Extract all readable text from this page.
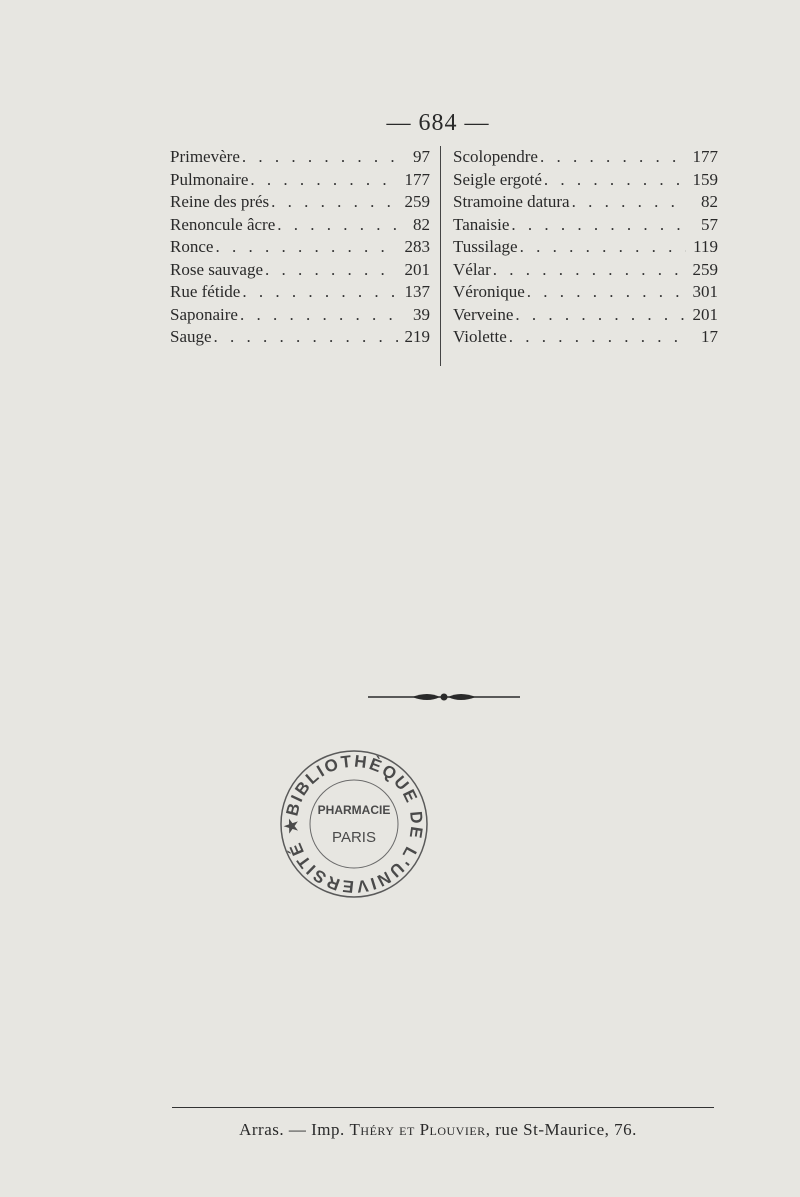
— 684 —
Primevère . . .	97
Pulmonaire . . .	177
Reine des prés . . .	259
Renoncule âcre . . .	82
Ronce . . .	283
Rose sauvage . . .	201
Rue fétide . . .	137
Saponaire . . .	39
Sauge . . .	219
Scolopendre . . .	177
Seigle ergoté . . .	159
Stramoine datura . . .	82
Tanaisie . . .	57
Tussilage . . .	119
Vélar . . .	259
Véronique . . .	301
Verveine . . .	201
Violette . . .	17
BIBLIOTHÈQUE DE L'UNIVERSITÉ ★
PHARMACIE
PARIS
Arras. — Imp. Théry et Plouvier, rue St-Maurice, 76.
